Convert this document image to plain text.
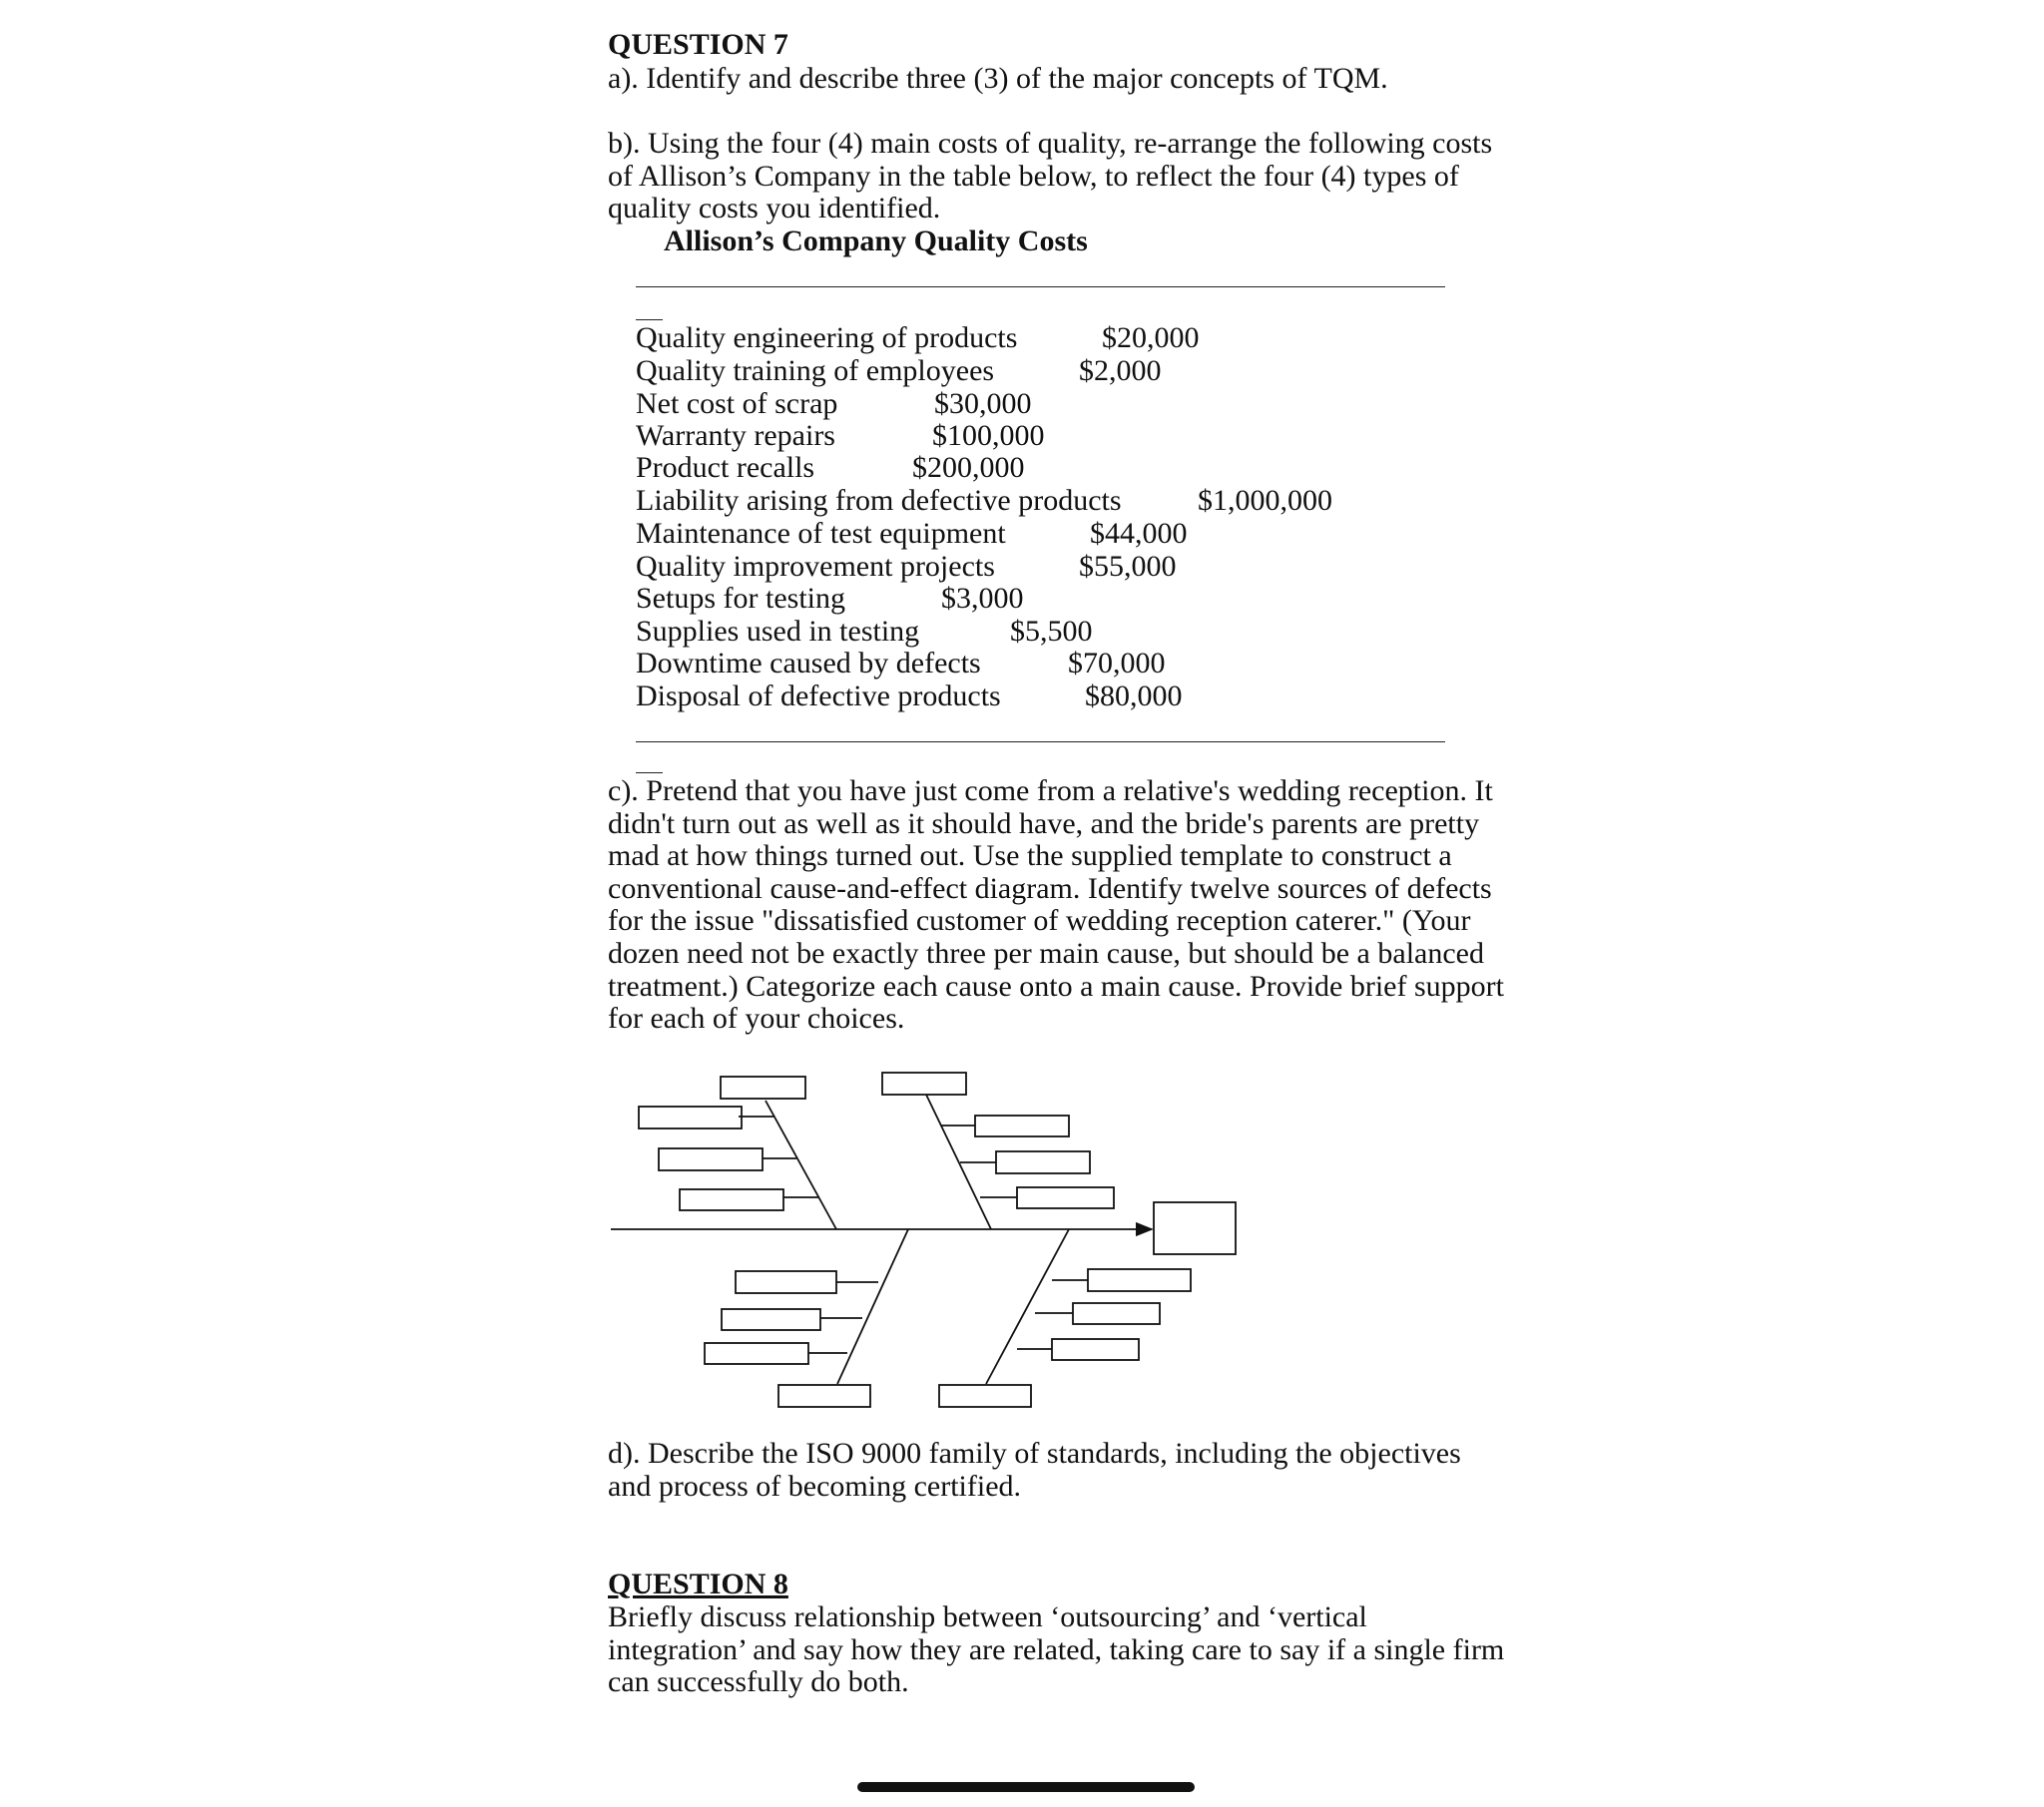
QUESTION 7
a). Identify and describe three (3) of the major concepts of TQM.
b). Using the four (4) main costs of quality, re-arrange the following costs
of Allison’s Company in the table below, to reflect the four (4) types of
quality costs you identified.
Allison’s Company Quality Costs
Quality engineering of products	$20,000
Quality training of employees	$2,000
Net cost of scrap	$30,000
Warranty repairs	$100,000
Product recalls	$200,000
Liability arising from defective products	$1,000,000
Maintenance of test equipment	$44,000
Quality improvement projects	$55,000
Setups for testing	$3,000
Supplies used in testing	$5,500
Downtime caused by defects	$70,000
Disposal of defective products	$80,000
c). Pretend that you have just come from a relative's wedding reception. It
didn't turn out as well as it should have, and the bride's parents are pretty
mad at how things turned out. Use the supplied template to construct a
conventional cause-and-effect diagram. Identify twelve sources of defects
for the issue "dissatisfied customer of wedding reception caterer." (Your
dozen need not be exactly three per main cause, but should be a balanced
treatment.) Categorize each cause onto a main cause. Provide brief support
for each of your choices.
d). Describe the ISO 9000 family of standards, including the objectives
and process of becoming certified.
QUESTION 8
Briefly discuss relationship between ‘outsourcing’ and ‘vertical
integration’ and say how they are related, taking care to say if a single firm
can successfully do both.
